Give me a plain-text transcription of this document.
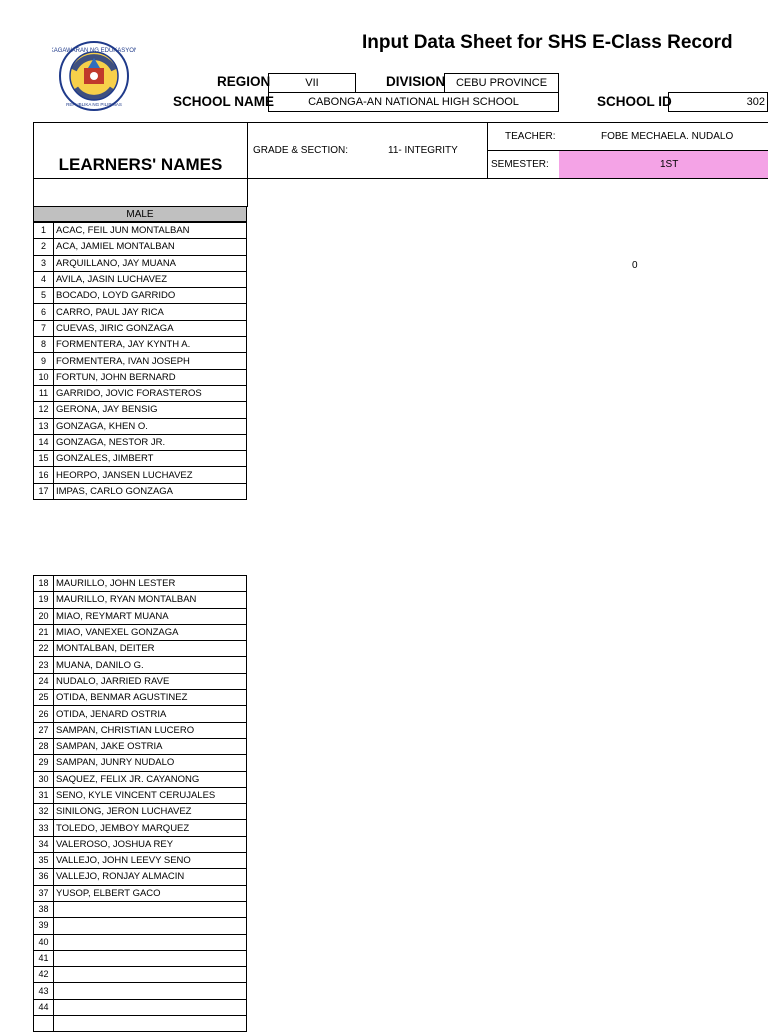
Input Data Sheet for SHS E-Class Record
KAGAWARAN NG EDUKASYON
REPUBLIKA NG PILIPINAS
REGION	VII	DIVISION CEBU PROVINCE
SCHOOL NAME	CABONGA-AN NATIONAL HIGH SCHOOL	SCHOOL ID	302
GRADE & SECTION:	11- INTEGRITY
TEACHER:	FOBE MECHAELA. NUDALO
SEMESTER:	1ST
LEARNERS' NAMES
0
MALE
1	ACAC, FEIL JUN MONTALBAN
2	ACA, JAMIEL MONTALBAN
3	ARQUILLANO, JAY MUANA
4	AVILA, JASIN LUCHAVEZ
5	BOCADO, LOYD GARRIDO
6	CARRO, PAUL JAY RICA
7	CUEVAS, JIRIC GONZAGA
8	FORMENTERA, JAY KYNTH A.
9	FORMENTERA, IVAN JOSEPH
10	FORTUN, JOHN BERNARD
11	GARRIDO, JOVIC FORASTEROS
12	GERONA, JAY BENSIG
13	GONZAGA, KHEN O.
14	GONZAGA, NESTOR JR.
15	GONZALES, JIMBERT
16	HEORPO, JANSEN LUCHAVEZ
17	IMPAS, CARLO GONZAGA
18	MAURILLO, JOHN LESTER
19	MAURILLO, RYAN MONTALBAN
20	MIAO, REYMART MUANA
21	MIAO, VANEXEL GONZAGA
22	MONTALBAN, DEITER
23	MUANA, DANILO G.
24	NUDALO, JARRIED RAVE
25	OTIDA, BENMAR AGUSTINEZ
26	OTIDA, JENARD OSTRIA
27	SAMPAN, CHRISTIAN LUCERO
28	SAMPAN, JAKE OSTRIA
29	SAMPAN, JUNRY NUDALO
30	SAQUEZ, FELIX JR. CAYANONG
31	SENO, KYLE VINCENT CERUJALES
32	SINILONG, JERON LUCHAVEZ
33	TOLEDO, JEMBOY MARQUEZ
34	VALEROSO, JOSHUA REY
35	VALLEJO, JOHN LEEVY SENO
36	VALLEJO, RONJAY ALMACIN
37	YUSOP, ELBERT GACO
38	
39	
40	
41	
42	
43	
44	
